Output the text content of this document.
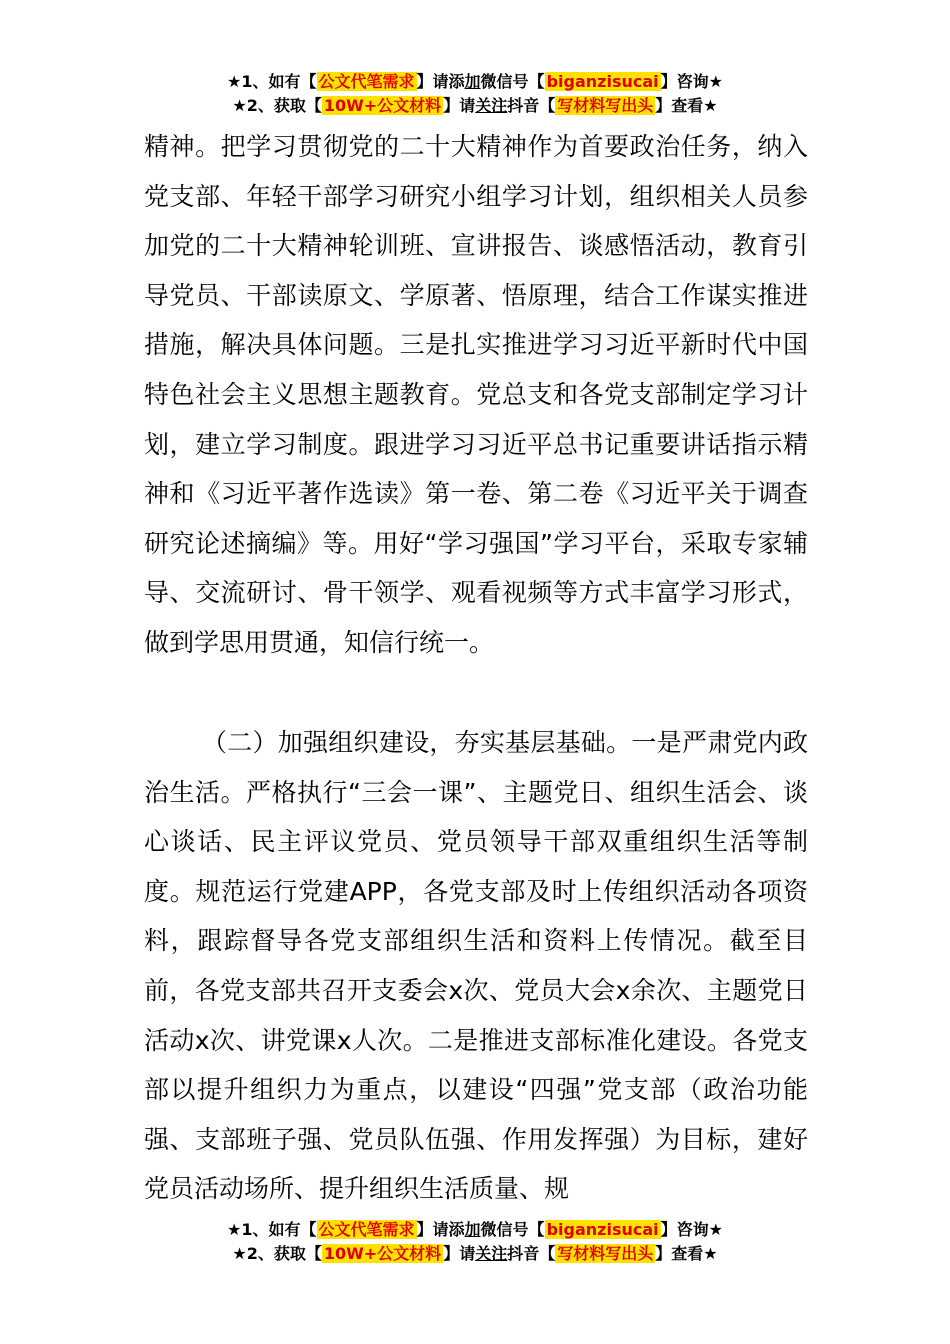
★1、如有【 公文代笔需求 】请添加微信号【 biganzisucai 】咨询★
★2、获取【 10W+公文材料 】请关注抖音【 写材料写出头 】查看★

精神。把学习贯彻党的二十大精神作为首要政治任务，纳入党支部、年轻干部学习研究小组学习计划，组织相关人员参加党的二十大精神轮训班、宣讲报告、谈感悟活动，教育引导党员、干部读原文、学原著、悟原理，结合工作谋实推进措施，解决具体问题。三是扎实推进学习习近平新时代中国特色社会主义思想主题教育。党总支和各党支部制定学习计划，建立学习制度。跟进学习习近平总书记重要讲话指示精神和《习近平著作选读》第一卷、第二卷《习近平关于调查研究论述摘编》等。用好“学习强国”学习平台，采取专家辅导、交流研讨、骨干领学、观看视频等方式丰富学习形式，做到学思用贯通，知信行统一。

（二）加强组织建设，夯实基层基础。一是严肃党内政治生活。严格执行“三会一课”、主题党日、组织生活会、谈心谈话、民主评议党员、党员领导干部双重组织生活等制度。规范运行党建APP，各党支部及时上传组织活动各项资料，跟踪督导各党支部组织生活和资料上传情况。截至目前，各党支部共召开支委会x次、党员大会x余次、主题党日活动x次、讲党课x人次。二是推进支部标准化建设。各党支部以提升组织力为重点，以建设“四强”党支部（政治功能强、支部班子强、党员队伍强、作用发挥强）为目标，建好党员活动场所、提升组织生活质量、规

★1、如有【 公文代笔需求 】请添加微信号【 biganzisucai 】咨询★
★2、获取【 10W+公文材料 】请关注抖音【 写材料写出头 】查看★
